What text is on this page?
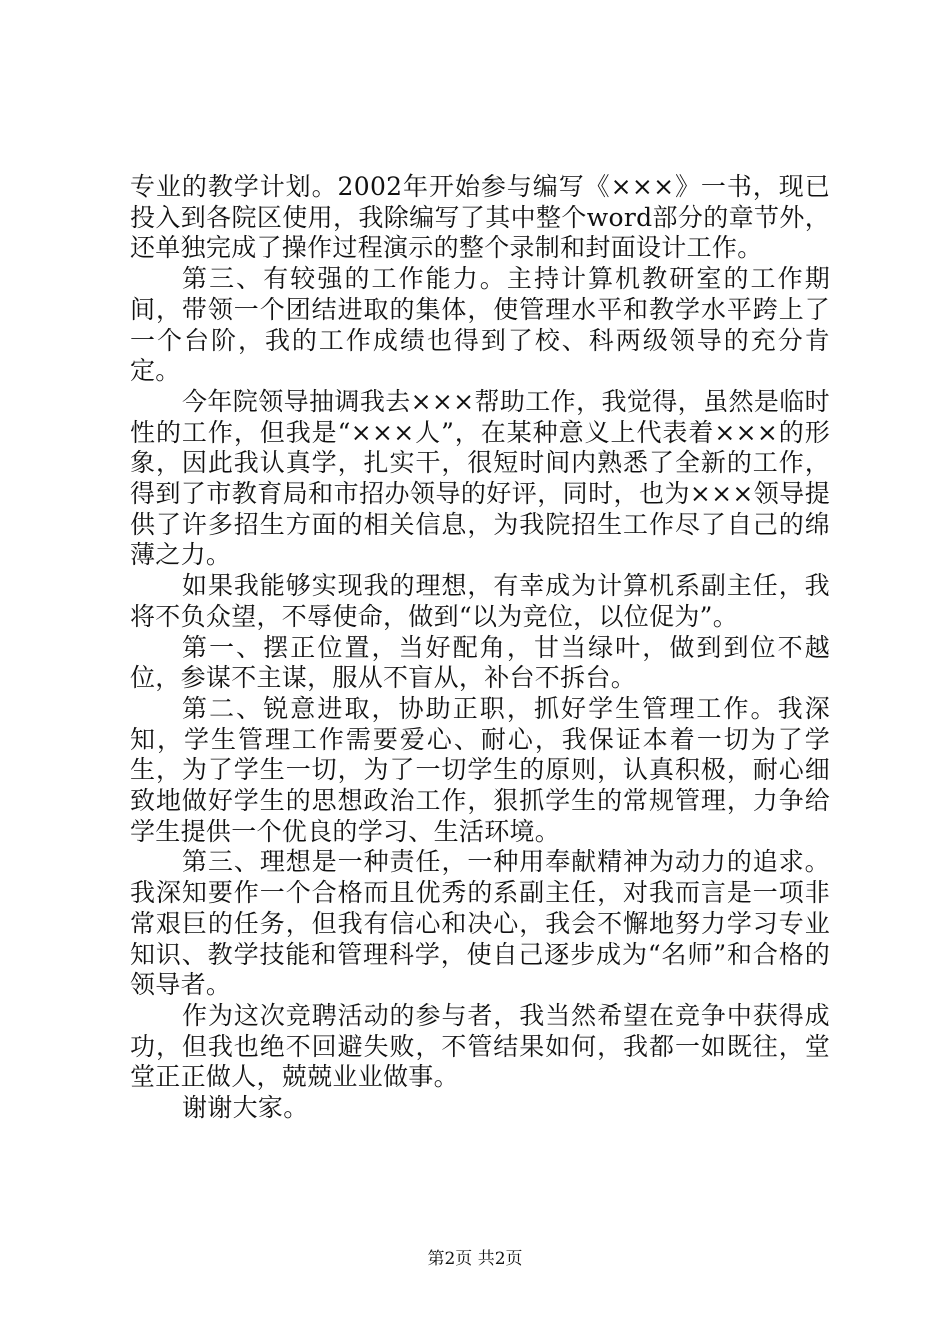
专业的教学计划。2002年开始参与编写《×××》一书，现已投入到各院区使用，我除编写了其中整个word部分的章节外，还单独完成了操作过程演示的整个录制和封面设计工作。

第三、有较强的工作能力。主持计算机教研室的工作期间，带领一个团结进取的集体，使管理水平和教学水平跨上了一个台阶，我的工作成绩也得到了校、科两级领导的充分肯定。

今年院领导抽调我去×××帮助工作，我觉得，虽然是临时性的工作，但我是“×××人”，在某种意义上代表着×××的形象，因此我认真学，扎实干，很短时间内熟悉了全新的工作，得到了市教育局和市招办领导的好评，同时，也为×××领导提供了许多招生方面的相关信息，为我院招生工作尽了自己的绵薄之力。

如果我能够实现我的理想，有幸成为计算机系副主任，我将不负众望，不辱使命，做到“以为竞位，以位促为”。

第一、摆正位置，当好配角，甘当绿叶，做到到位不越位，参谋不主谋，服从不盲从，补台不拆台。

第二、锐意进取，协助正职，抓好学生管理工作。我深知，学生管理工作需要爱心、耐心，我保证本着一切为了学生，为了学生一切，为了一切学生的原则，认真积极，耐心细致地做好学生的思想政治工作，狠抓学生的常规管理，力争给学生提供一个优良的学习、生活环境。

第三、理想是一种责任，一种用奉献精神为动力的追求。我深知要作一个合格而且优秀的系副主任，对我而言是一项非常艰巨的任务，但我有信心和决心，我会不懈地努力学习专业知识、教学技能和管理科学，使自己逐步成为“名师”和合格的领导者。

作为这次竞聘活动的参与者，我当然希望在竞争中获得成功，但我也绝不回避失败，不管结果如何，我都一如既往，堂堂正正做人，兢兢业业做事。

谢谢大家。

第2页 共2页
